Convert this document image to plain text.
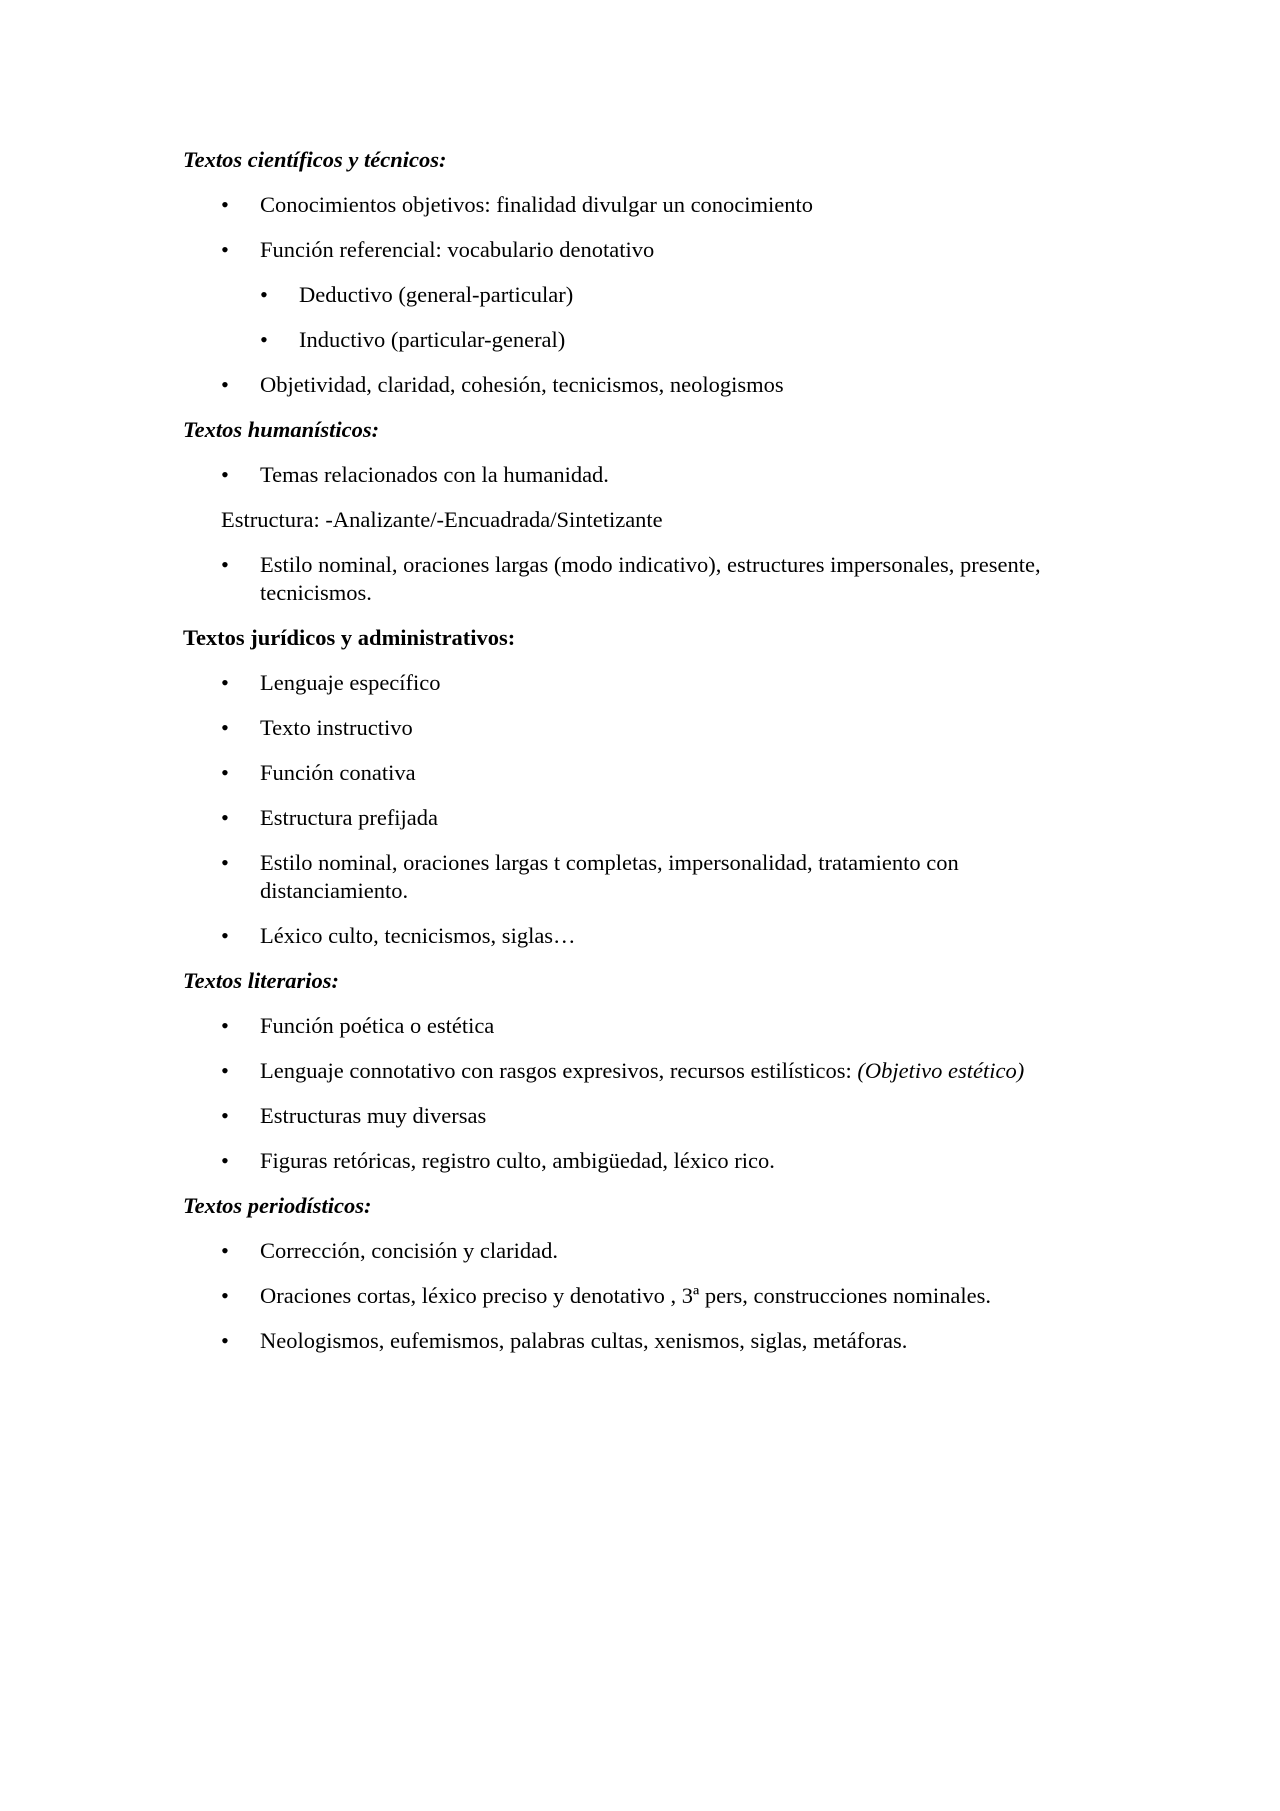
Textos científicos y técnicos:
•	Conocimientos objetivos: finalidad divulgar un conocimiento
•	Función referencial: vocabulario denotativo
•	Deductivo (general-particular)
•	Inductivo (particular-general)
•	Objetividad, claridad, cohesión, tecnicismos, neologismos
Textos humanísticos:
•	Temas relacionados con la humanidad.
Estructura: -Analizante/-Encuadrada/Sintetizante
•	Estilo nominal, oraciones largas (modo indicativo), estructures impersonales, presente, tecnicismos.
Textos jurídicos y administrativos:
•	Lenguaje específico
•	Texto instructivo
•	Función conativa
•	Estructura prefijada
•	Estilo nominal, oraciones largas t completas, impersonalidad, tratamiento con distanciamiento.
•	Léxico culto, tecnicismos, siglas…
Textos literarios:
•	Función poética o estética
•	Lenguaje connotativo con rasgos expresivos, recursos estilísticos: (Objetivo estético)
•	Estructuras muy diversas
•	Figuras retóricas, registro culto, ambigüedad, léxico rico.
Textos periodísticos:
•	Corrección, concisión y claridad.
•	Oraciones cortas, léxico preciso y denotativo , 3ª pers, construcciones nominales.
•	Neologismos, eufemismos, palabras cultas, xenismos, siglas, metáforas.
